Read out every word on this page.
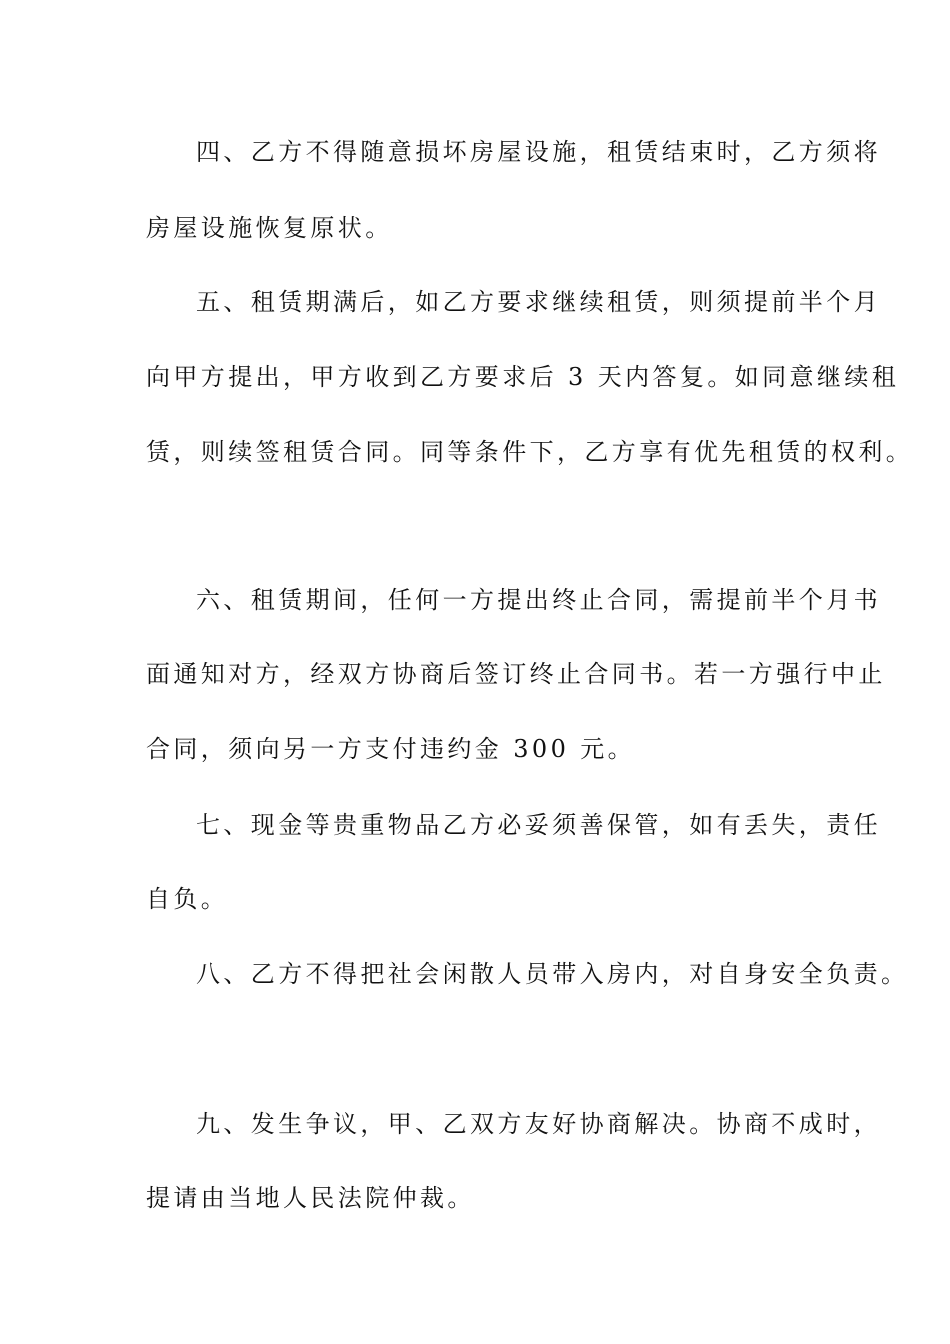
四、乙方不得随意损坏房屋设施，租赁结束时，乙方须将
房屋设施恢复原状。
五、租赁期满后，如乙方要求继续租赁，则须提前半个月
向甲方提出，甲方收到乙方要求后 3 天内答复。如同意继续租
赁，则续签租赁合同。同等条件下，乙方享有优先租赁的权利。
六、租赁期间，任何一方提出终止合同，需提前半个月书
面通知对方，经双方协商后签订终止合同书。若一方强行中止
合同，须向另一方支付违约金 300 元。
七、现金等贵重物品乙方必妥须善保管，如有丢失，责任
自负。
八、乙方不得把社会闲散人员带入房内，对自身安全负责。
九、发生争议，甲、乙双方友好协商解决。协商不成时，
提请由当地人民法院仲裁。
